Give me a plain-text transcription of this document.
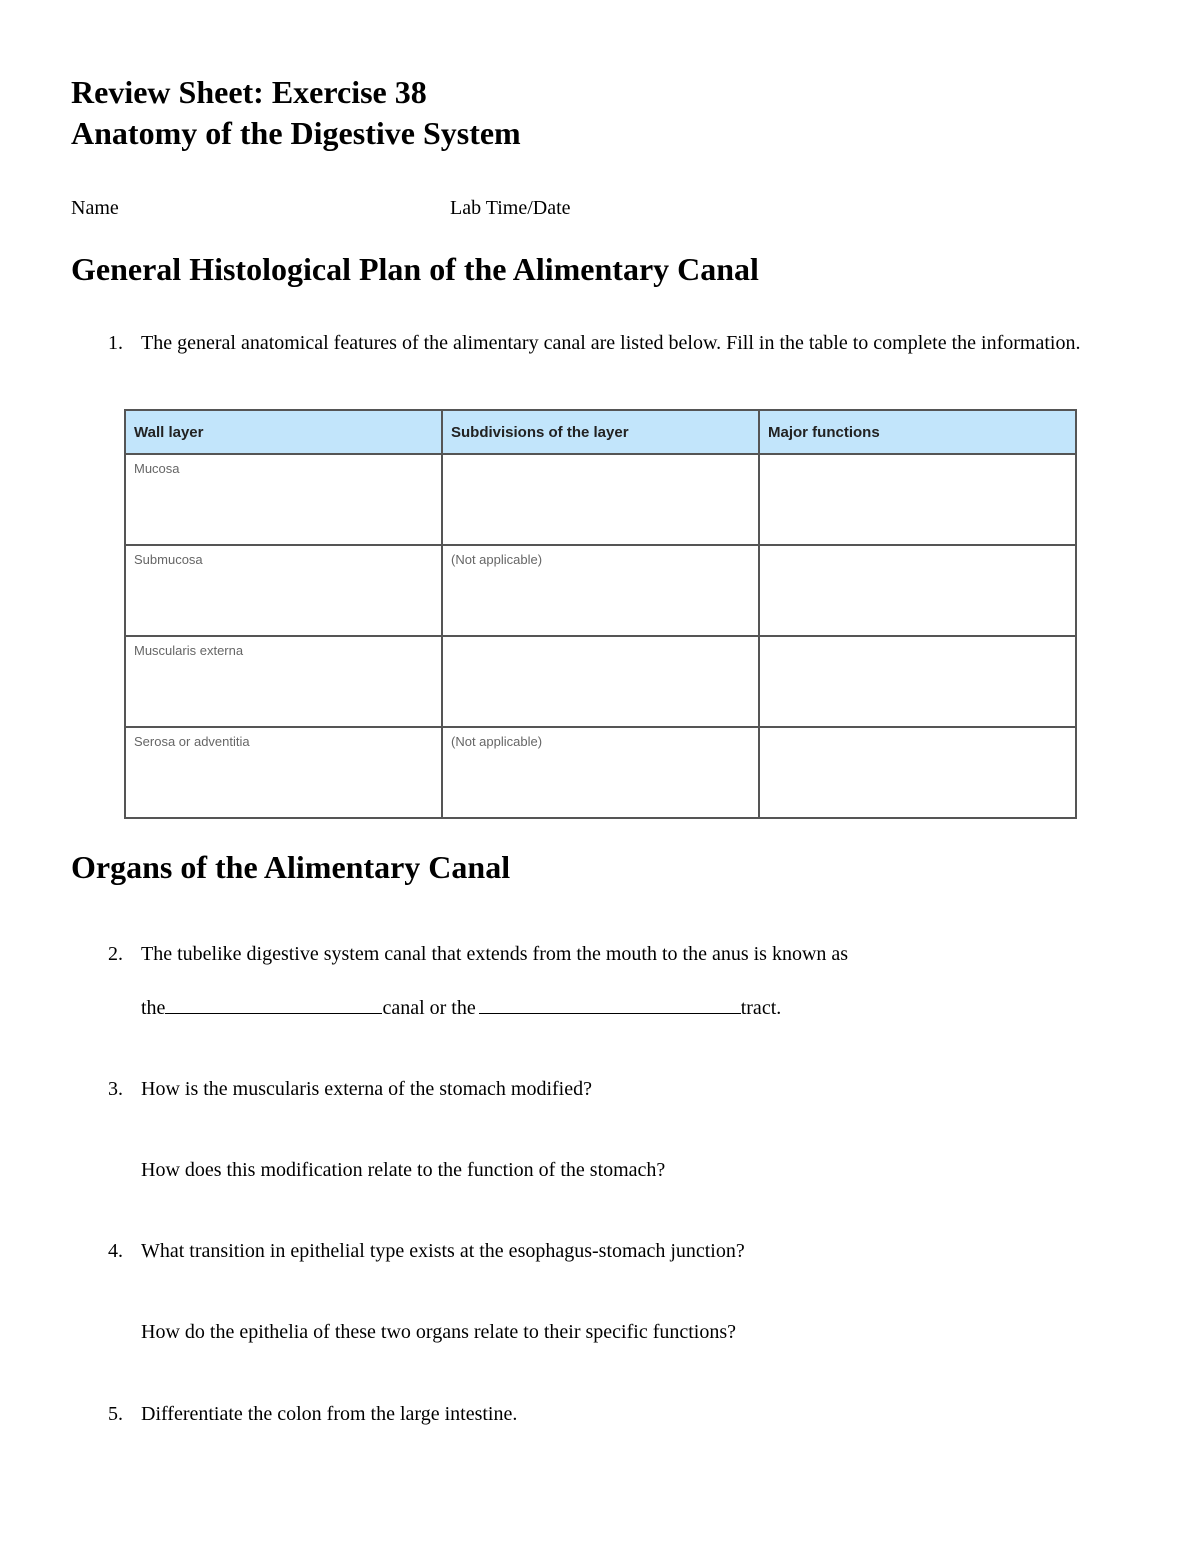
Review Sheet: Exercise 38
Anatomy of the Digestive System
Name	Lab Time/Date
General Histological Plan of the Alimentary Canal
1. The general anatomical features of the alimentary canal are listed below. Fill in the table to complete the information.
Wall layer	Subdivisions of the layer	Major functions
Mucosa		
Submucosa	(Not applicable)	
Muscularis externa		
Serosa or adventitia	(Not applicable)	
Organs of the Alimentary Canal
2. The tubelike digestive system canal that extends from the mouth to the anus is known as
the	canal or the	tract.
3. How is the muscularis externa of the stomach modified?
How does this modification relate to the function of the stomach?
4. What transition in epithelial type exists at the esophagus-stomach junction?
How do the epithelia of these two organs relate to their specific functions?
5. Differentiate the colon from the large intestine.
